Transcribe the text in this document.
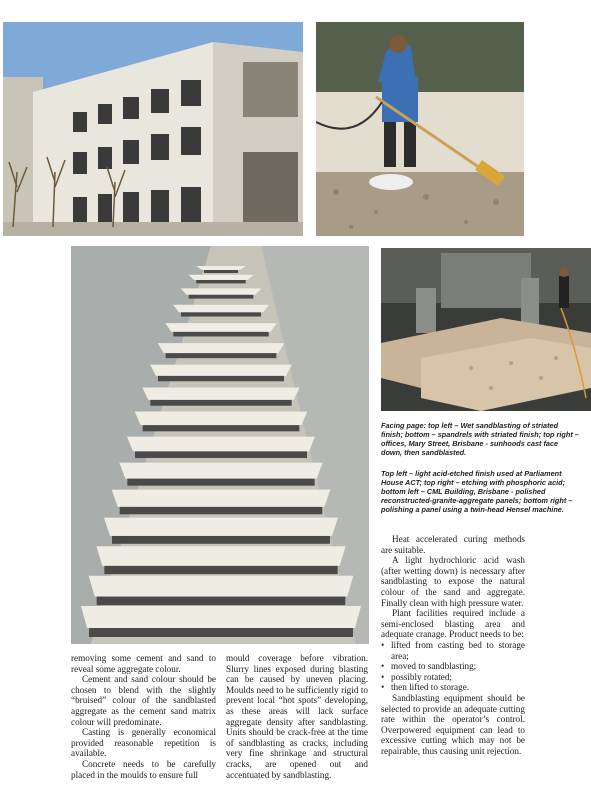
Facing page: top left – Wet sandblasting of striated finish; bottom – spandrels with striated finish; top right – offices, Mary Street, Brisbane - sunhoods cast face down, then sandblasted.
Top left – light acid-etched finish used at Parliament House ACT; top right – etching with phosphoric acid; bottom left – CML Building, Brisbane - polished reconstructed-granite-aggregate panels; bottom right – polishing a panel using a twin-head Hensel machine.

removing some cement and sand to reveal some aggregate colour.

Cement and sand colour should be chosen to blend with the slightly “bruised” colour of the sandblasted aggregate as the cement sand matrix colour will predominate.

Casting is generally economical provided reasonable repetition is available.

Concrete needs to be carefully placed in the moulds to ensure full

mould coverage before vibration. Slurry lines exposed during blasting can be caused by uneven placing. Moulds need to be sufficiently rigid to prevent local “hot spots” developing, as these areas will lack surface aggregate density after sandblasting. Units should be crack-free at the time of sandblasting as cracks, including very fine shrinkage and structural cracks, are opened out and accentuated by sandblasting.

Heat accelerated curing methods are suitable.

A light hydrochloric acid wash (after wetting down) is necessary after sandblasting to expose the natural colour of the sand and aggregate. Finally clean with high pressure water.

Plant facilities required include a semi-enclosed blasting area and adequate cranage. Product needs to be:

• lifted from casting bed to storage area;
• moved to sandblasting;
• possibly rotated;
• then lifted to storage.

Sandblasting equipment should be selected to provide an adequate cutting rate within the operator’s control. Overpowered equipment can lead to excessive cutting which may not be repairable, thus causing unit rejection.
